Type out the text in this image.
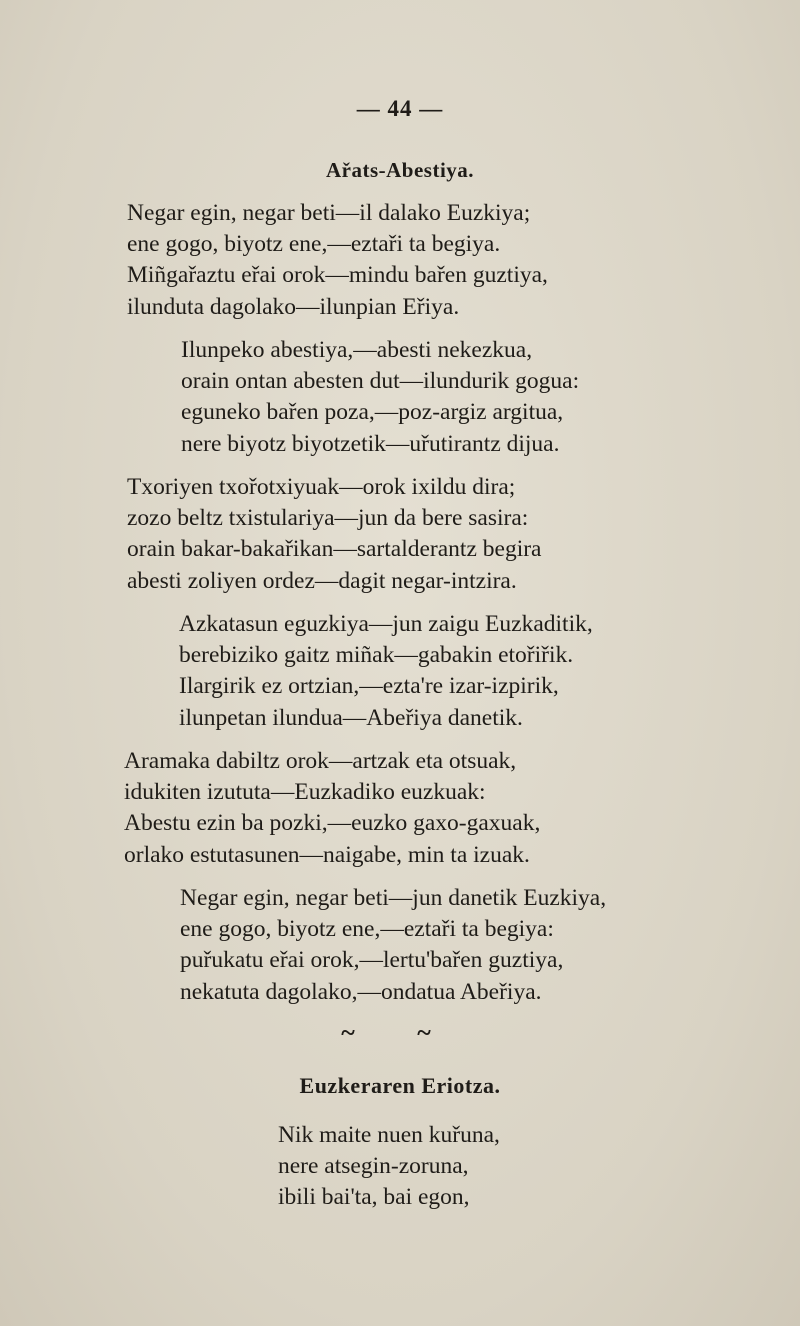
— 44 —
Ařats-Abestiya.
Negar egin, negar beti—il dalako Euzkiya;
ene gogo, biyotz ene,—eztaři ta begiya.
Miñgařaztu eřai orok—mindu bařen guztiya,
ilunduta dagolako—ilunpian Eřiya.
Ilunpeko abestiya,—abesti nekezkua,
orain ontan abesten dut—ilundurik gogua:
eguneko bařen poza,—poz-argiz argitua,
nere biyotz biyotzetik—uřutirantz dijua.
Txoriyen txořotxiyuak—orok ixildu dira;
zozo beltz txistulariya—jun da bere sasira:
orain bakar-bakařikan—sartalderantz begira
abesti zoliyen ordez—dagit negar-intzira.
Azkatasun eguzkiya—jun zaigu Euzkaditik,
berebiziko gaitz miñak—gabakin etořiřik.
Ilargirik ez ortzian,—ezta're izar-izpirik,
ilunpetan ilundua—Abeřiya danetik.
Aramaka dabiltz orok—artzak eta otsuak,
idukiten izututa—Euzkadiko euzkuak:
Abestu ezin ba pozki,—euzko gaxo-gaxuak,
orlako estutasunen—naigabe, min ta izuak.
Negar egin, negar beti—jun danetik Euzkiya,
ene gogo, biyotz ene,—eztaři ta begiya:
puřukatu eřai orok,—lertu'bařen guztiya,
nekatuta dagolako,—ondatua Abeřiya.
~ ~
Euzkeraren Eriotza.
Nik maite nuen kuřuna,
nere atsegin-zoruna,
ibili bai'ta, bai egon,
